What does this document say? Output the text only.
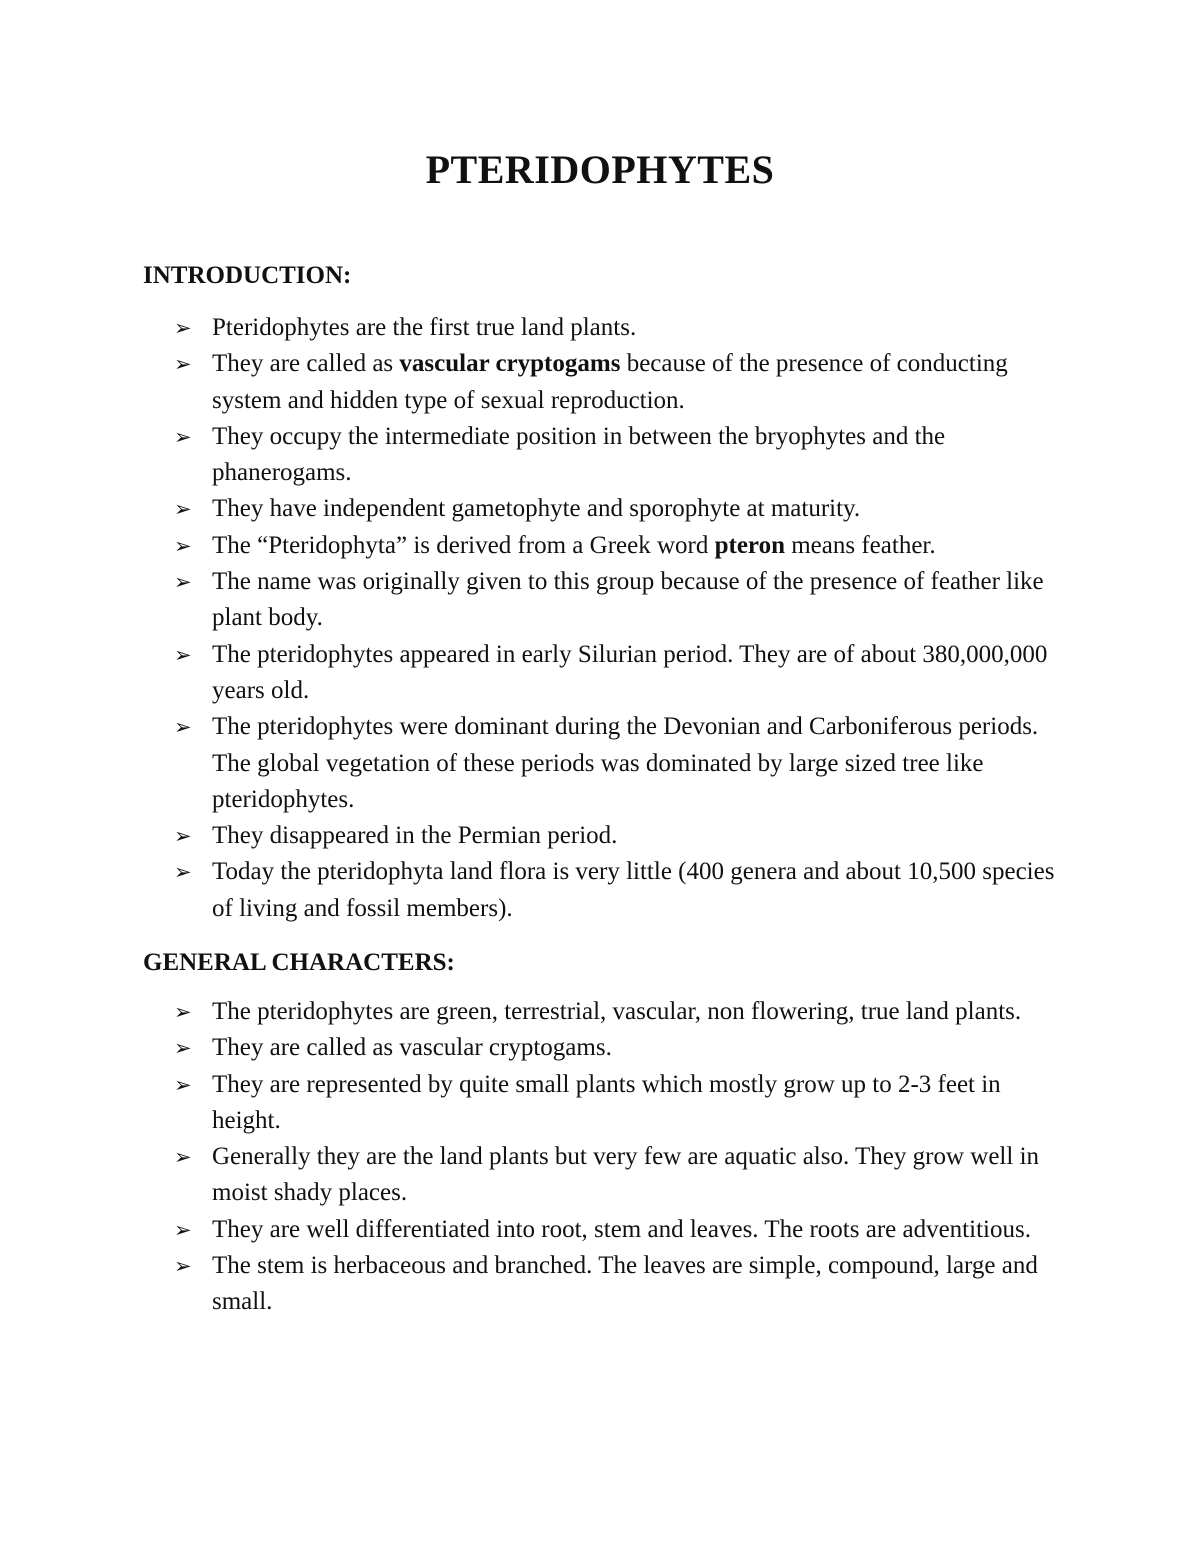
PTERIDOPHYTES
INTRODUCTION:
➢ Pteridophytes are the first true land plants.
➢ They are called as vascular cryptogams because of the presence of conducting system and hidden type of sexual reproduction.
➢ They occupy the intermediate position in between the bryophytes and the phanerogams.
➢ They have independent gametophyte and sporophyte at maturity.
➢ The “Pteridophyta” is derived from a Greek word pteron means feather.
➢ The name was originally given to this group because of the presence of feather like plant body.
➢ The pteridophytes appeared in early Silurian period. They are of about 380,000,000 years old.
➢ The pteridophytes were dominant during the Devonian and Carboniferous periods. The global vegetation of these periods was dominated by large sized tree like pteridophytes.
➢ They disappeared in the Permian period.
➢ Today the pteridophyta land flora is very little (400 genera and about 10,500 species of living and fossil members).
GENERAL CHARACTERS:
➢ The pteridophytes are green, terrestrial, vascular, non flowering, true land plants.
➢ They are called as vascular cryptogams.
➢ They are represented by quite small plants which mostly grow up to 2-3 feet in height.
➢ Generally they are the land plants but very few are aquatic also. They grow well in moist shady places.
➢ They are well differentiated into root, stem and leaves. The roots are adventitious.
➢ The stem is herbaceous and branched. The leaves are simple, compound, large and small.
